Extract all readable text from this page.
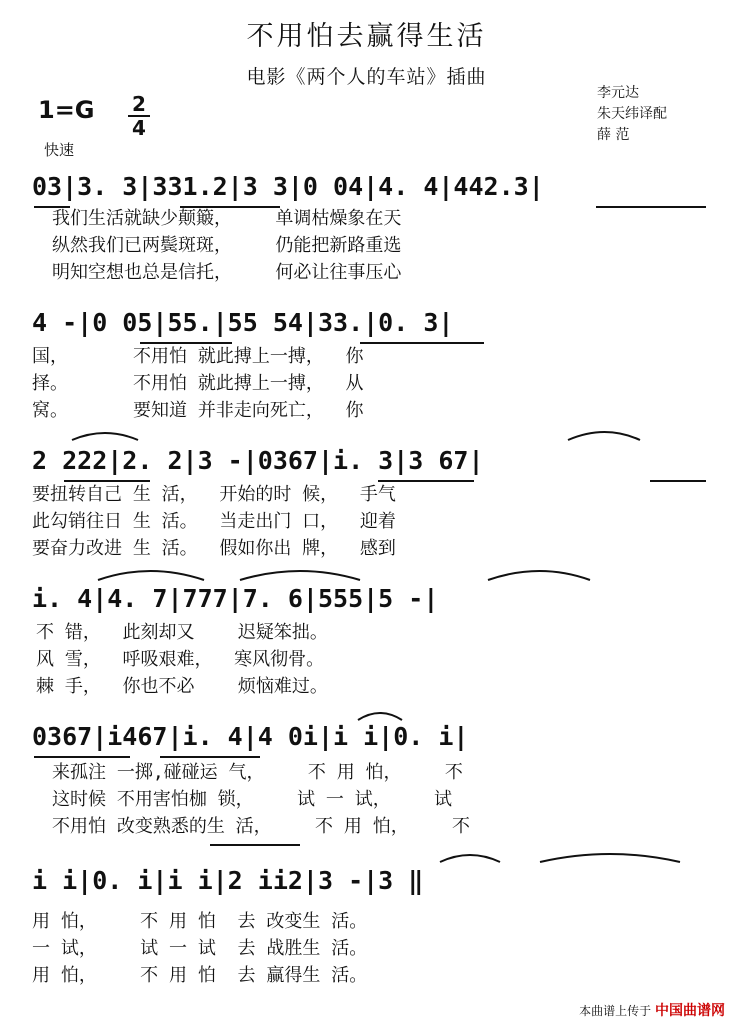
不用怕去赢得生活
电影《两个人的车站》插曲
1=G 2
4
快速
李元达
朱天纬译配
薛 范
03|3. 3|331.2|3 3|0 04|4. 4|442.3|
我们生活就缺少颠簸，    单调枯燥象在天
纵然我们已两鬓斑斑，    仍能把新路重选
明知空想也总是信托，    何必让往事压心
4 -|0 05|55.|55 54|33.|0. 3|
国，      不用怕 就此搏上一搏，  你
择。      不用怕 就此搏上一搏，  从
窝。      要知道 并非走向死亡，  你
2 222|2. 2|3 -|0367|i. 3|3 67|
要扭转自己 生 活，  开始的时 候，  手气
此勾销往日 生 活。  当走出门 口，  迎着
要奋力改进 生 活。  假如你出 牌，  感到
i. 4|4. 7|777|7. 6|555|5 -|
不 错，  此刻却又    迟疑笨拙。
风 雪，  呼吸艰难，  寒风彻骨。
棘 手，  你也不必    烦恼难过。
0367|i467|i. 4|4 0i|i i|0. i|
来孤注 一掷,碰碰运 气，    不 用 怕，    不
这时候 不用害怕枷 锁，    试 一 试，    试
不用怕 改变熟悉的生 活，    不 用 怕，    不
i i|0. i|i i|2 ii2|3 -|3 ‖
用 怕，    不 用 怕  去 改变生 活。
一 试，    试 一 试  去 战胜生 活。
用 怕，    不 用 怕  去 赢得生 活。
本曲谱上传于 中国曲谱网
